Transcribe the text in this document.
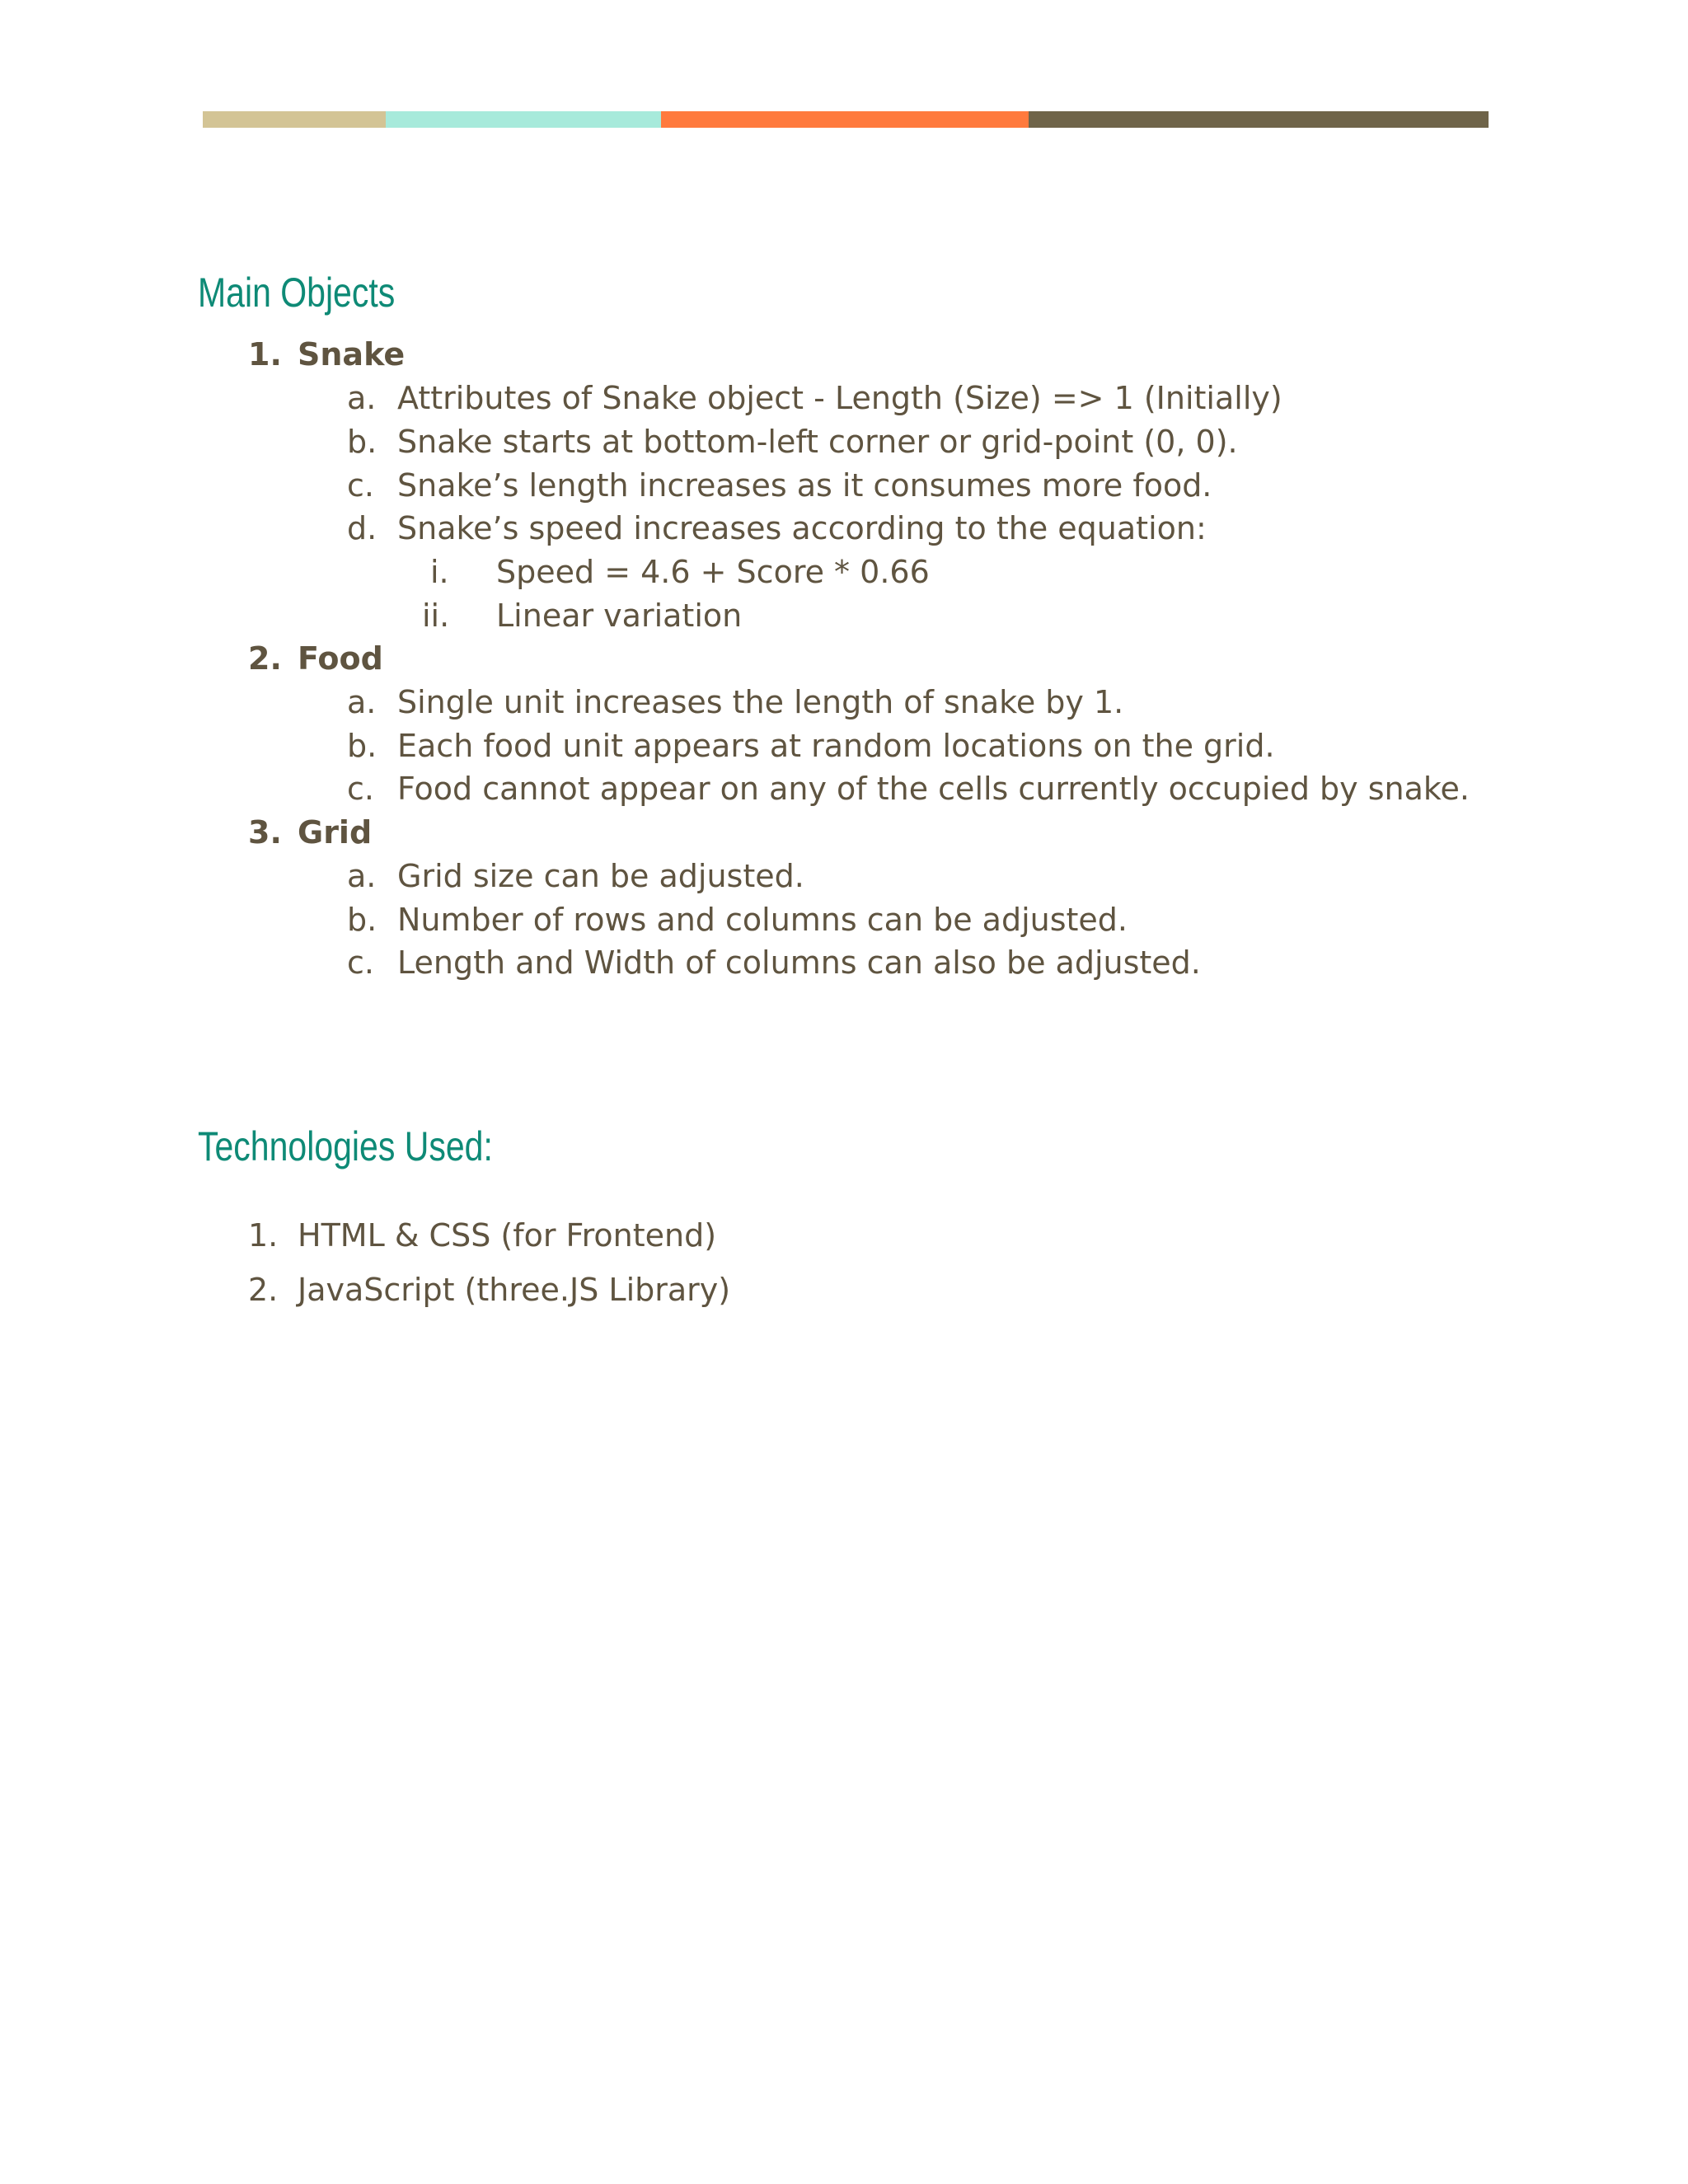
Main Objects
1. Snake
a. Attributes of Snake object - Length (Size) => 1 (Initially)
b. Snake starts at bottom-left corner or grid-point (0, 0).
c. Snake’s length increases as it consumes more food.
d. Snake’s speed increases according to the equation:
i. Speed = 4.6 + Score * 0.66
ii. Linear variation
2. Food
a. Single unit increases the length of snake by 1.
b. Each food unit appears at random locations on the grid.
c. Food cannot appear on any of the cells currently occupied by snake.
3. Grid
a. Grid size can be adjusted.
b. Number of rows and columns can be adjusted.
c. Length and Width of columns can also be adjusted.
Technologies Used:
1. HTML & CSS (for Frontend)
2. JavaScript (three.JS Library)
